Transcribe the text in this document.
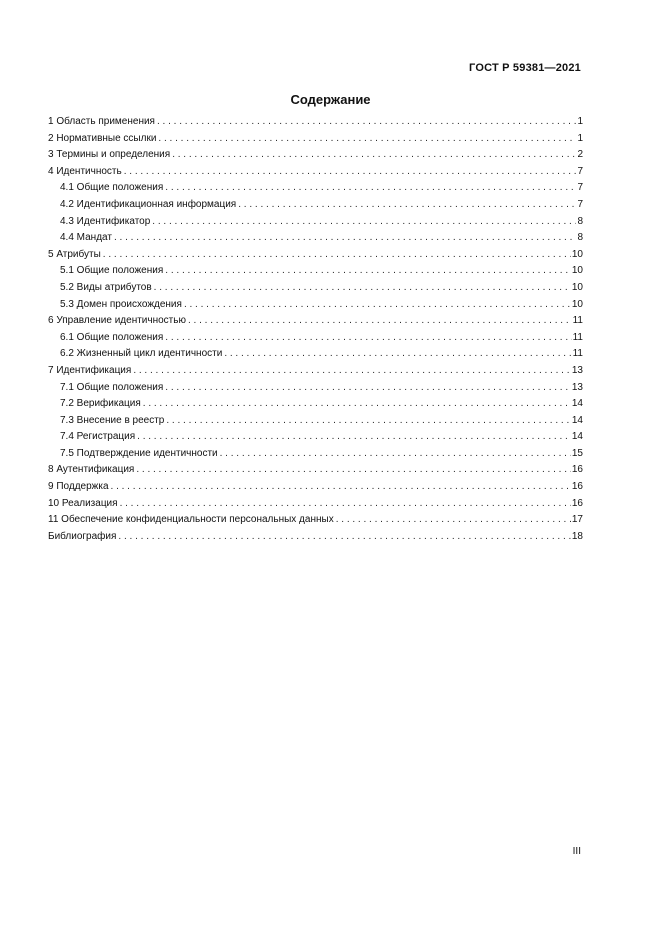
ГОСТ Р 59381—2021
Содержание
1 Область применения . . .	1
2 Нормативные ссылки . . .	1
3 Термины и определения . . .	2
4 Идентичность . . .	7
4.1 Общие положения . . .	7
4.2 Идентификационная информация . . .	7
4.3 Идентификатор . . .	8
4.4 Мандат . . .	8
5 Атрибуты . . .	10
5.1 Общие положения . . .	10
5.2 Виды атрибутов . . .	10
5.3 Домен происхождения . . .	10
6 Управление идентичностью . . .	11
6.1 Общие положения . . .	11
6.2 Жизненный цикл идентичности . . .	11
7 Идентификация . . .	13
7.1 Общие положения . . .	13
7.2 Верификация . . .	14
7.3 Внесение в реестр . . .	14
7.4 Регистрация . . .	14
7.5 Подтверждение идентичности . . .	15
8 Аутентификация . . .	16
9 Поддержка . . .	16
10 Реализация . . .	16
11 Обеспечение конфиденциальности персональных данных . . .	17
Библиография . . .	18
III
